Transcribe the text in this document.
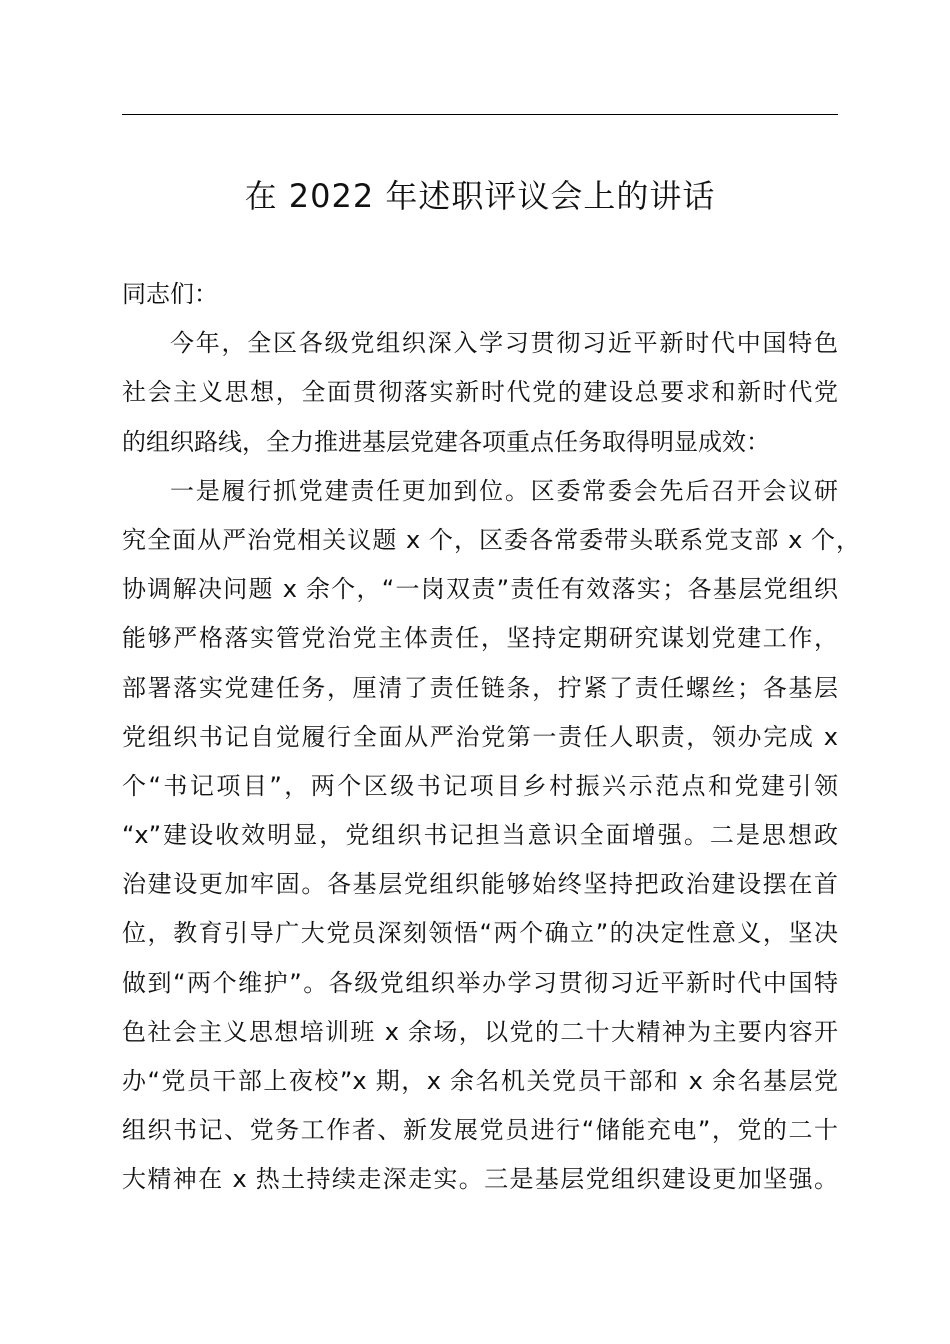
在 2022 年述职评议会上的讲话
同志们：
今年，全区各级党组织深入学习贯彻习近平新时代中国特色
社会主义思想，全面贯彻落实新时代党的建设总要求和新时代党
的组织路线，全力推进基层党建各项重点任务取得明显成效：
一是履行抓党建责任更加到位。区委常委会先后召开会议研
究全面从严治党相关议题 x 个，区委各常委带头联系党支部 x 个，
协调解决问题 x 余个，“一岗双责”责任有效落实；各基层党组织
能够严格落实管党治党主体责任，坚持定期研究谋划党建工作，
部署落实党建任务，厘清了责任链条，拧紧了责任螺丝；各基层
党组织书记自觉履行全面从严治党第一责任人职责，领办完成 x
个“书记项目”，两个区级书记项目乡村振兴示范点和党建引领
“x”建设收效明显，党组织书记担当意识全面增强。二是思想政
治建设更加牢固。各基层党组织能够始终坚持把政治建设摆在首
位，教育引导广大党员深刻领悟“两个确立”的决定性意义，坚决
做到“两个维护”。各级党组织举办学习贯彻习近平新时代中国特
色社会主义思想培训班 x 余场，以党的二十大精神为主要内容开
办“党员干部上夜校”x 期，x 余名机关党员干部和 x 余名基层党
组织书记、党务工作者、新发展党员进行“储能充电”，党的二十
大精神在 x 热土持续走深走实。三是基层党组织建设更加坚强。
